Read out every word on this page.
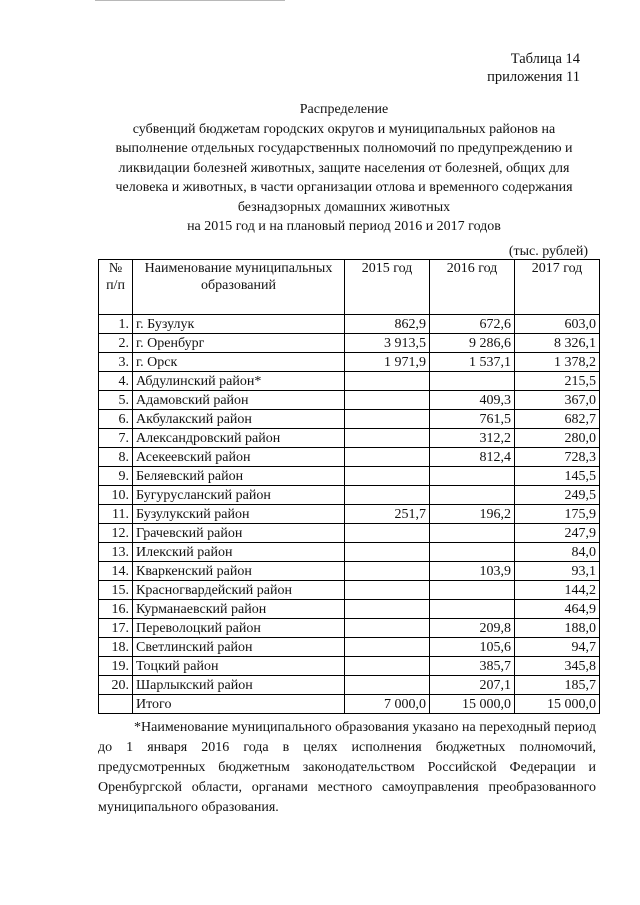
Таблица 14
приложения 11
Распределение
субвенций бюджетам городских округов и муниципальных районов на выполнение отдельных государственных полномочий по предупреждению и ликвидации болезней животных, защите населения от болезней, общих для человека и животных, в части организации отлова и временного содержания безнадзорных домашних животных
на 2015 год и на плановый период 2016 и 2017 годов
(тыс. рублей)
№ п/п	Наименование муниципальных образований	2015 год	2016 год	2017 год
1.	г. Бузулук	862,9	672,6	603,0
2.	г. Оренбург	3 913,5	9 286,6	8 326,1
3.	г. Орск	1 971,9	1 537,1	1 378,2
4.	Абдулинский район*			215,5
5.	Адамовский район		409,3	367,0
6.	Акбулакский район		761,5	682,7
7.	Александровский район		312,2	280,0
8.	Асекеевский район		812,4	728,3
9.	Беляевский район			145,5
10.	Бугурусланский район			249,5
11.	Бузулукский район	251,7	196,2	175,9
12.	Грачевский район			247,9
13.	Илекский район			84,0
14.	Кваркенский район		103,9	93,1
15.	Красногвардейский район			144,2
16.	Курманаевский район			464,9
17.	Переволоцкий район		209,8	188,0
18.	Светлинский район		105,6	94,7
19.	Тоцкий район		385,7	345,8
20.	Шарлыкский район		207,1	185,7
	Итого	7 000,0	15 000,0	15 000,0

*Наименование муниципального образования указано на переходный период до 1 января 2016 года в целях исполнения бюджетных полномочий, предусмотренных бюджетным законодательством Российской Федерации и Оренбургской области, органами местного самоуправления преобразованного муниципального образования.
